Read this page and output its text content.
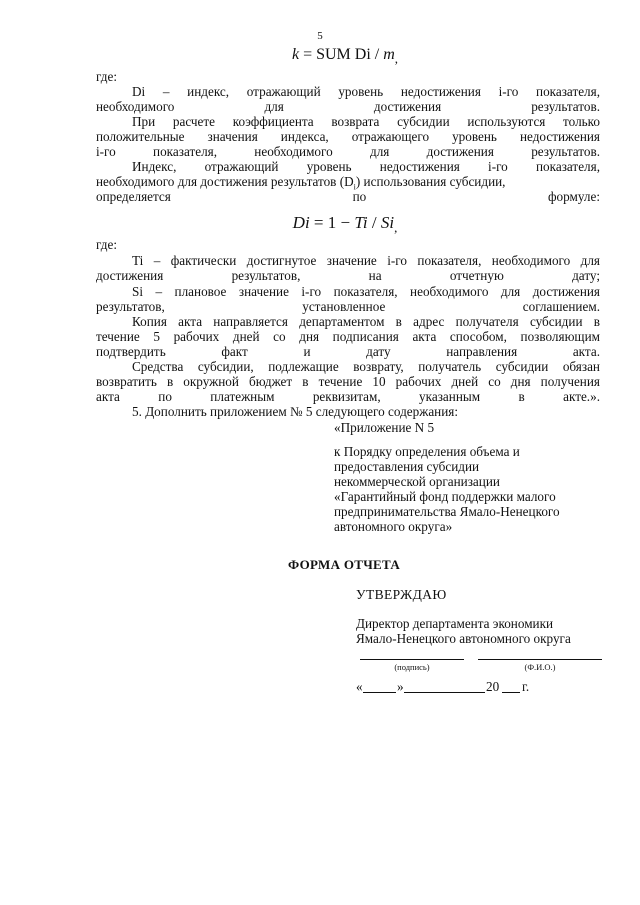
5
k = SUM Di / $m_,$
где:
Di – индекс, отражающий уровень недостижения i-го показателя,
необходимого для достижения результатов.
При расчете коэффициента возврата субсидии используются только
положительные значения индекса, отражающего уровень недостижения
i-го показателя, необходимого для достижения результатов.
Индекс, отражающий уровень недостижения i-го показателя,
необходимого для достижения результатов $(D_i)$ использования субсидии,
определяется по формуле:
$Di = 1 - Ti / Si_,$
где:
Ti – фактически достигнутое значение i-го показателя, необходимого для
достижения результатов, на отчетную дату;
Si – плановое значение i-го показателя, необходимого для достижения
результатов, установленное соглашением.
Копия акта направляется департаментом в адрес получателя субсидии в
течение 5 рабочих дней со дня подписания акта способом, позволяющим
подтвердить факт и дату направления акта.
Средства субсидии, подлежащие возврату, получатель субсидии обязан
возвратить в окружной бюджет в течение 10 рабочих дней со дня получения
акта по платежным реквизитам, указанным в акте.».
5. Дополнить приложением № 5 следующего содержания:
«Приложение N 5
к Порядку определения объема и
предоставления субсидии
некоммерческой организации
«Гарантийный фонд поддержки малого
предпринимательства Ямало-Ненецкого
автономного округа»
ФОРМА ОТЧЕТА
УТВЕРЖДАЮ
Директор департамента экономики
Ямало-Ненецкого автономного округа
(подпись)	(Ф.И.О.)
«	»	20 г.
